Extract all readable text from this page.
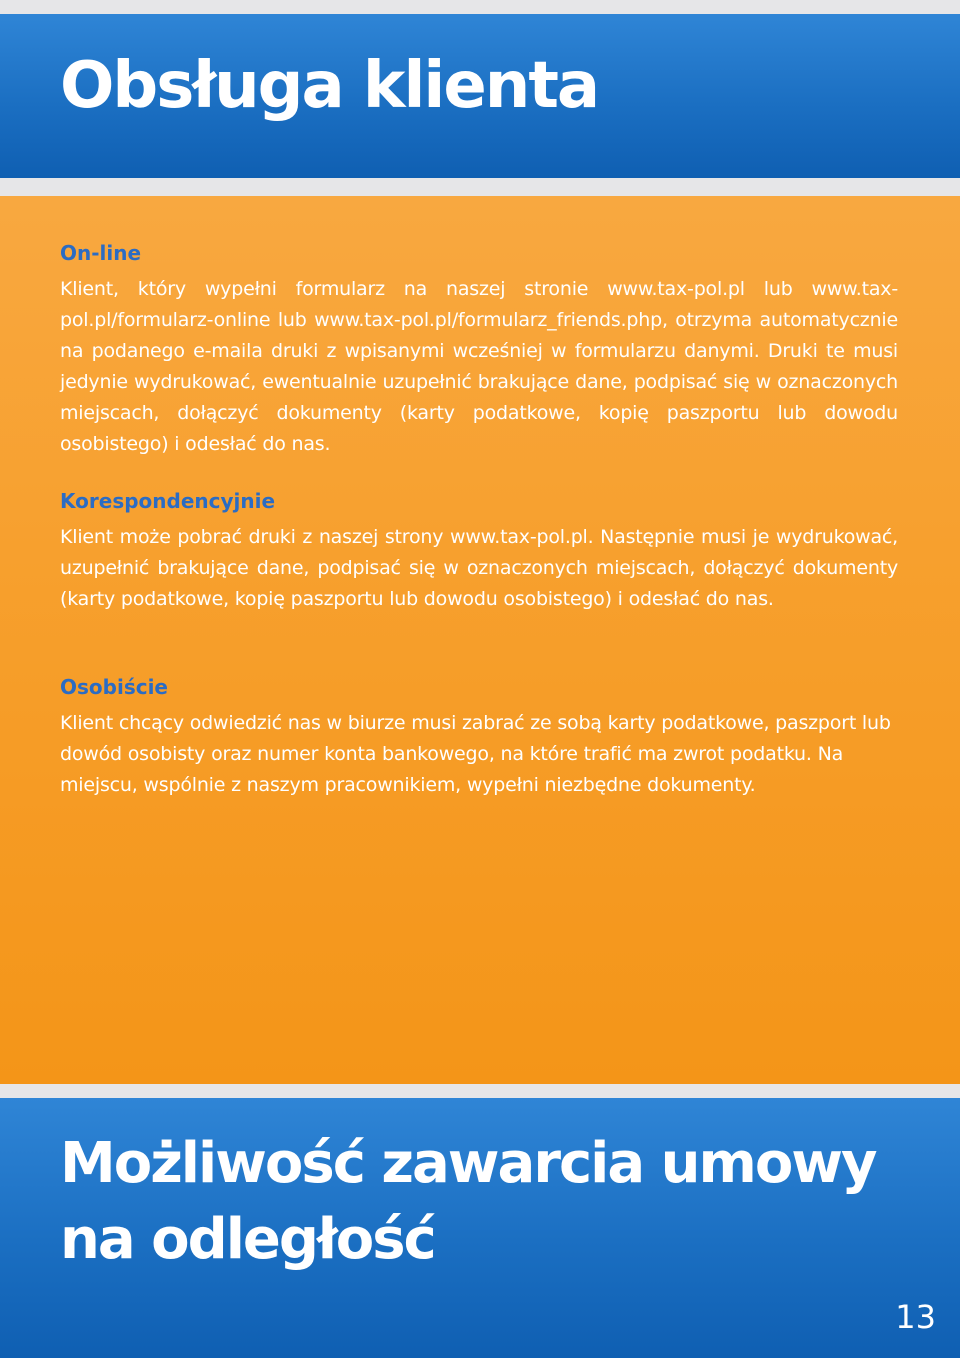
Obsługa klienta
On-line

Klient, który wypełni formularz na naszej stronie www.tax-pol.pl lub www.tax-pol.pl/formularz-online lub www.tax-pol.pl/formularz_friends.php, otrzyma automatycznie na podanego e-maila druki z wpisanymi wcześniej w formularzu danymi. Druki te musi jedynie wydrukować, ewentualnie uzupełnić brakujące dane, podpisać się w oznaczonych miejscach, dołączyć dokumenty (karty podatkowe, kopię paszportu lub dowodu osobistego) i odesłać do nas.

Korespondencyjnie

Klient może pobrać druki z naszej strony www.tax-pol.pl. Następnie musi je wydrukować, uzupełnić brakujące dane, podpisać się w oznaczonych miejscach, dołączyć dokumenty (karty podatkowe, kopię paszportu lub dowodu osobistego) i odesłać do nas.

Osobiście

Klient chcący odwiedzić nas w biurze musi zabrać ze sobą karty podatkowe, paszport lub dowód osobisty oraz numer konta bankowego, na które trafić ma zwrot podatku. Na miejscu, wspólnie z naszym pracownikiem, wypełni niezbędne dokumenty.

Możliwość zawarcia umowy na odległość
13
